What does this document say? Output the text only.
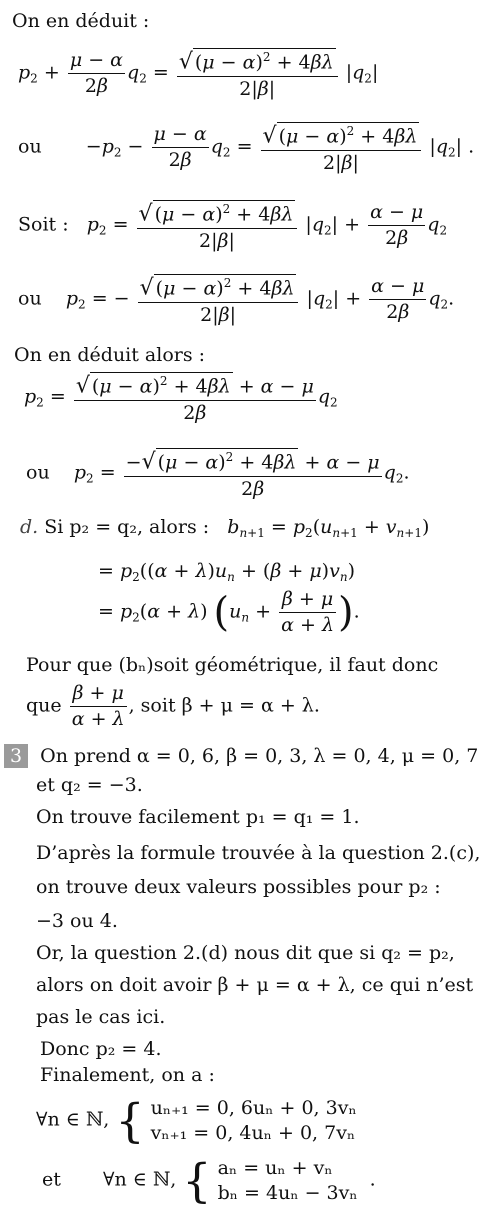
On en déduit :
$p_2 + \frac{\mu - \alpha}{2\beta} q_2 = \frac{√ (\mu - \alpha)^2 + 4\beta\lambda}{2|\beta|} |q_2|$
ou  $-p_2 - \frac{\mu - \alpha}{2\beta} q_2 = \frac{√ (\mu - \alpha)^2 + 4\beta\lambda}{2|\beta|} |q_2|$ .
Soit : $p_2 = \frac{√ (\mu - \alpha)^2 + 4\beta\lambda}{2|\beta|} |q_2| + \frac{\alpha - \mu}{2\beta} q_2$
ou $p_2$ = − $\frac{√ (\mu - \alpha)^2 + 4\beta\lambda}{2|\beta|} |q_2| + \frac{\alpha - \mu}{2\beta} q_2$.
On en déduit alors :
$p_2 = \frac{√ (\mu - \alpha)^2 + 4\beta\lambda + \alpha - \mu}{2\beta} q_2$
ou $p_2 = \frac{-√ (\mu - \alpha)^2 + 4\beta\lambda + \alpha - \mu}{2\beta} q_2$.
d. Si p₂ = q₂, alors : $b_{n+1} = p_2(u_{n+1} + v_{n+1})$
= $p_2((\alpha + \lambda)u_n + (\beta + \mu)v_n)$
= $p_2(\alpha + \lambda) (u_n + \frac{\beta + \mu}{\alpha + \lambda}$ ).
Pour que (bₙ)soit géométrique, il faut donc
que $\frac{\beta + \mu}{\alpha + \lambda}$ , soit β + μ = α + λ.
3 On prend α = 0, 6, β = 0, 3, λ = 0, 4, μ = 0, 7
et q₂ = −3.
On trouve facilement p₁ = q₁ = 1.
D’après la formule trouvée à la question 2.(c),
on trouve deux valeurs possibles pour p₂ :
−3 ou 4.
Or, la question 2.(d) nous dit que si q₂ = p₂,
alors on doit avoir β + μ = α + λ, ce qui n’est
pas le cas ici.
Donc p₂ = 4.
Finalement, on a :
∀n ∈ ℕ, { uₙ₊₁ = 0, 6uₙ + 0, 3vₙ
vₙ₊₁ = 0, 4uₙ + 0, 7vₙ
et ∀n ∈ ℕ, { aₙ = uₙ + vₙ
bₙ = 4uₙ − 3vₙ
.
